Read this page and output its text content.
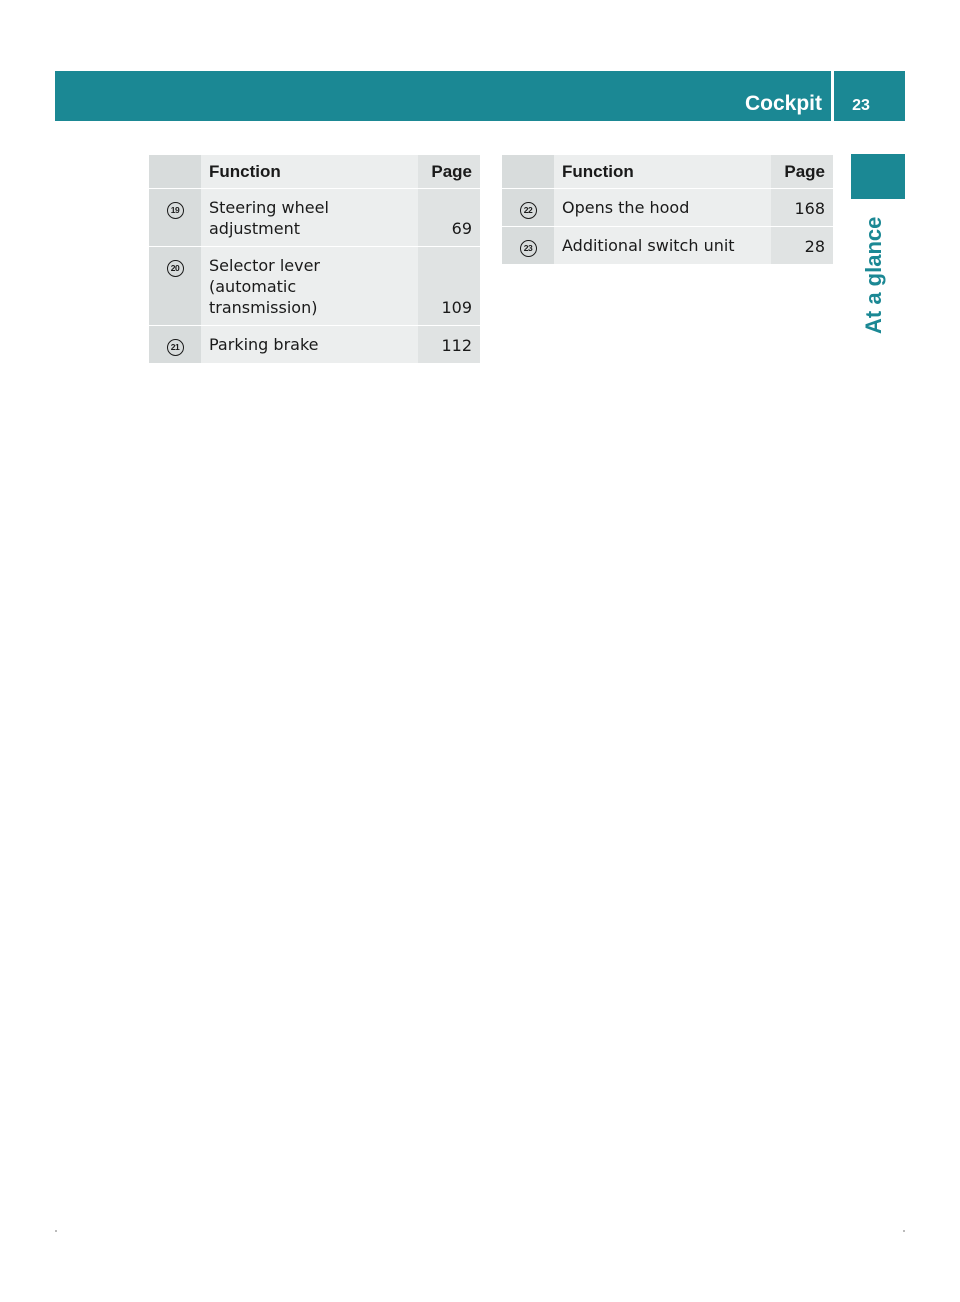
Cockpit	23
At a glance
	Function	Page
19	Steering wheel adjustment	69
20	Selector lever (automatic transmission)	109
21	Parking brake	112
	Function	Page
22	Opens the hood	168
23	Additional switch unit	28
